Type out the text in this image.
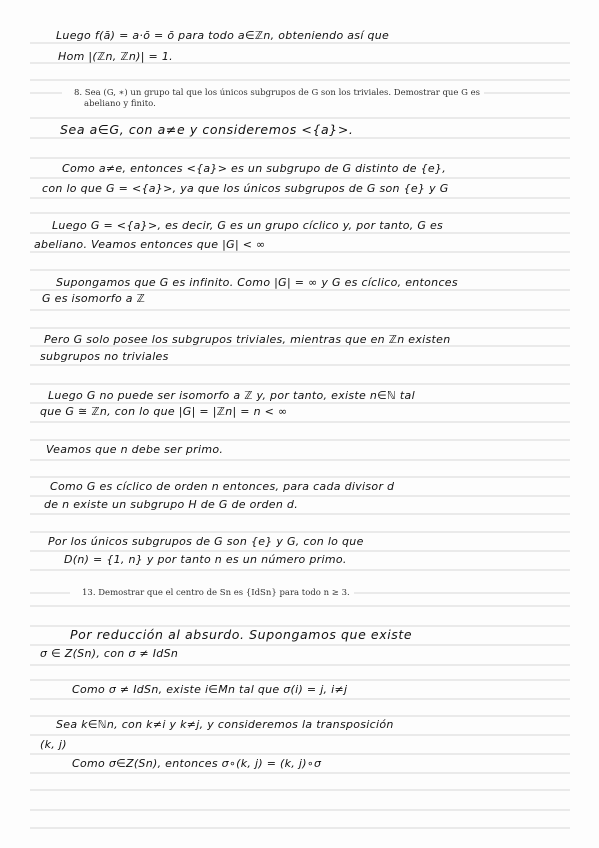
Luego f(ā) = a·ō = ō para todo a∈ℤn, obteniendo así que

Hom |(ℤn, ℤn)| = 1.

8. Sea (G, ∗) un grupo tal que los únicos subgrupos de G son los triviales. Demostrar que G es

abeliano y finito.

Sea a∈G, con a≠e y consideremos <{a}>.

Como a≠e, entonces <{a}> es un subgrupo de G distinto de {e},

con lo que G = <{a}>, ya que los únicos subgrupos de G son {e} y G

Luego G = <{a}>, es decir, G es un grupo cíclico y, por tanto, G es

abeliano. Veamos entonces que |G| < ∞

Supongamos que G es infinito. Como |G| = ∞ y G es cíclico, entonces

G es isomorfo a ℤ

Pero G solo posee los subgrupos triviales, mientras que en ℤn existen

subgrupos no triviales

Luego G no puede ser isomorfo a ℤ y, por tanto, existe n∈ℕ tal

que G ≅ ℤn, con lo que |G| = |ℤn| = n < ∞

Veamos que n debe ser primo.

Como G es cíclico de orden n entonces, para cada divisor d

de n existe un subgrupo H de G de orden d.

Por los únicos subgrupos de G son {e} y G, con lo que

D(n) = {1, n} y por tanto n es un número primo.

13. Demostrar que el centro de Sn es {IdSn} para todo n ≥ 3.

Por reducción al absurdo. Supongamos que existe

σ ∈ Z(Sn), con σ ≠ IdSn

Como σ ≠ IdSn, existe i∈Mn tal que σ(i) = j, i≠j

Sea k∈ℕn, con k≠i y k≠j, y consideremos la transposición

(k, j)

Como σ∈Z(Sn), entonces σ∘(k, j) = (k, j)∘σ
